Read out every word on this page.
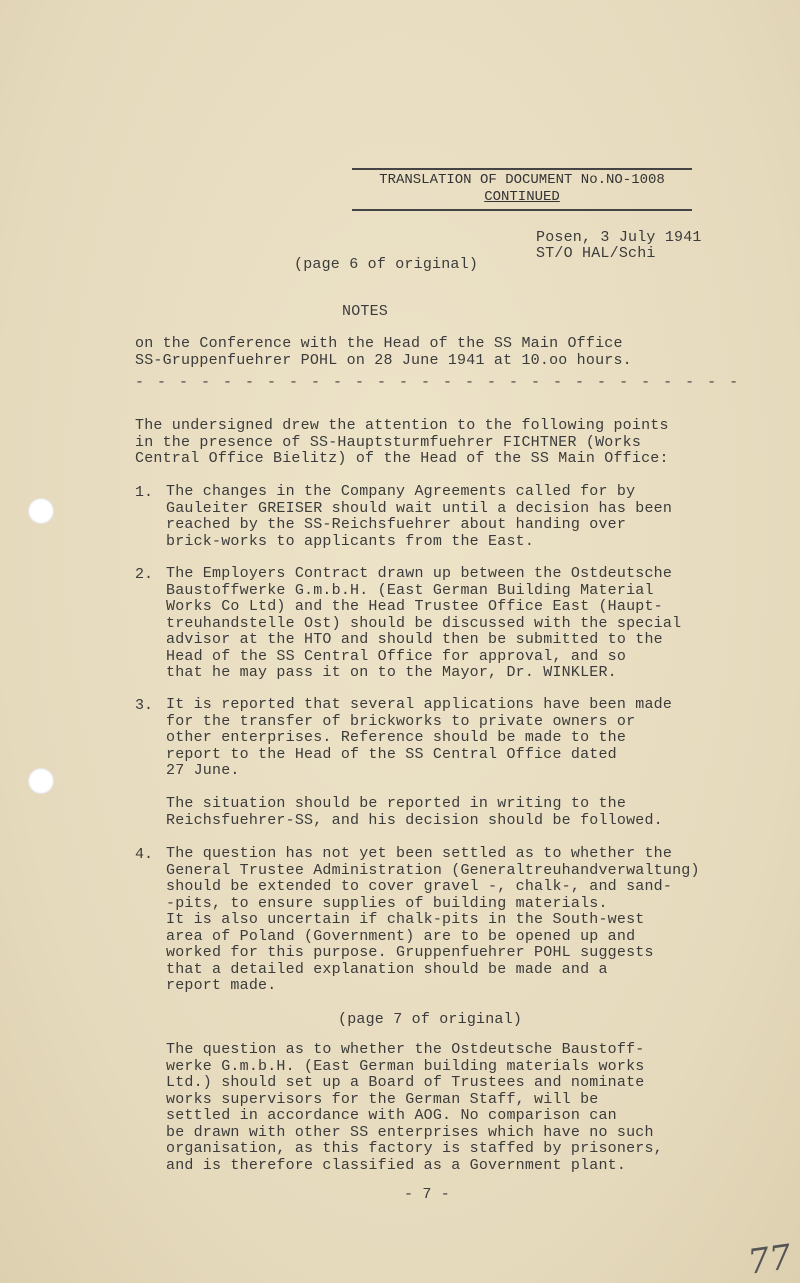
TRANSLATION OF DOCUMENT No.NO-1008
CONTINUED
Posen, 3 July 1941
ST/O HAL/Schi
(page 6 of original)
NOTES
on the Conference with the Head of the SS Main Office
SS-Gruppenfuehrer POHL on 28 June 1941 at 10.oo hours.
- - - - - - - - - - - - - - - - - - - - - - - - - - - -
The undersigned drew the attention to the following points
in the presence of SS-Hauptsturmfuehrer FICHTNER (Works
Central Office Bielitz) of the Head of the SS Main Office:
1. The changes in the Company Agreements called for by
Gauleiter GREISER should wait until a decision has been
reached by the SS-Reichsfuehrer about handing over
brick-works to applicants from the East.
2. The Employers Contract drawn up between the Ostdeutsche
Baustoffwerke G.m.b.H. (East German Building Material
Works Co Ltd) and the Head Trustee Office East (Haupt-
treuhandstelle Ost) should be discussed with the special
advisor at the HTO and should then be submitted to the
Head of the SS Central Office for approval, and so
that he may pass it on to the Mayor, Dr. WINKLER.
3. It is reported that several applications have been made
for the transfer of brickworks to private owners or
other enterprises. Reference should be made to the
report to the Head of the SS Central Office dated
27 June.
The situation should be reported in writing to the
Reichsfuehrer-SS, and his decision should be followed.
4. The question has not yet been settled as to whether the
General Trustee Administration (Generaltreuhandverwaltung)
should be extended to cover gravel -, chalk-, and sand-
-pits, to ensure supplies of building materials.
It is also uncertain if chalk-pits in the South-west
area of Poland (Government) are to be opened up and
worked for this purpose. Gruppenfuehrer POHL suggests
that a detailed explanation should be made and a
report made.
(page 7 of original)
The question as to whether the Ostdeutsche Baustoff-
werke G.m.b.H. (East German building materials works
Ltd.) should set up a Board of Trustees and nominate
works supervisors for the German Staff, will be
settled in accordance with AOG. No comparison can
be drawn with other SS enterprises which have no such
organisation, as this factory is staffed by prisoners,
and is therefore classified as a Government plant.
- 7 -
77
